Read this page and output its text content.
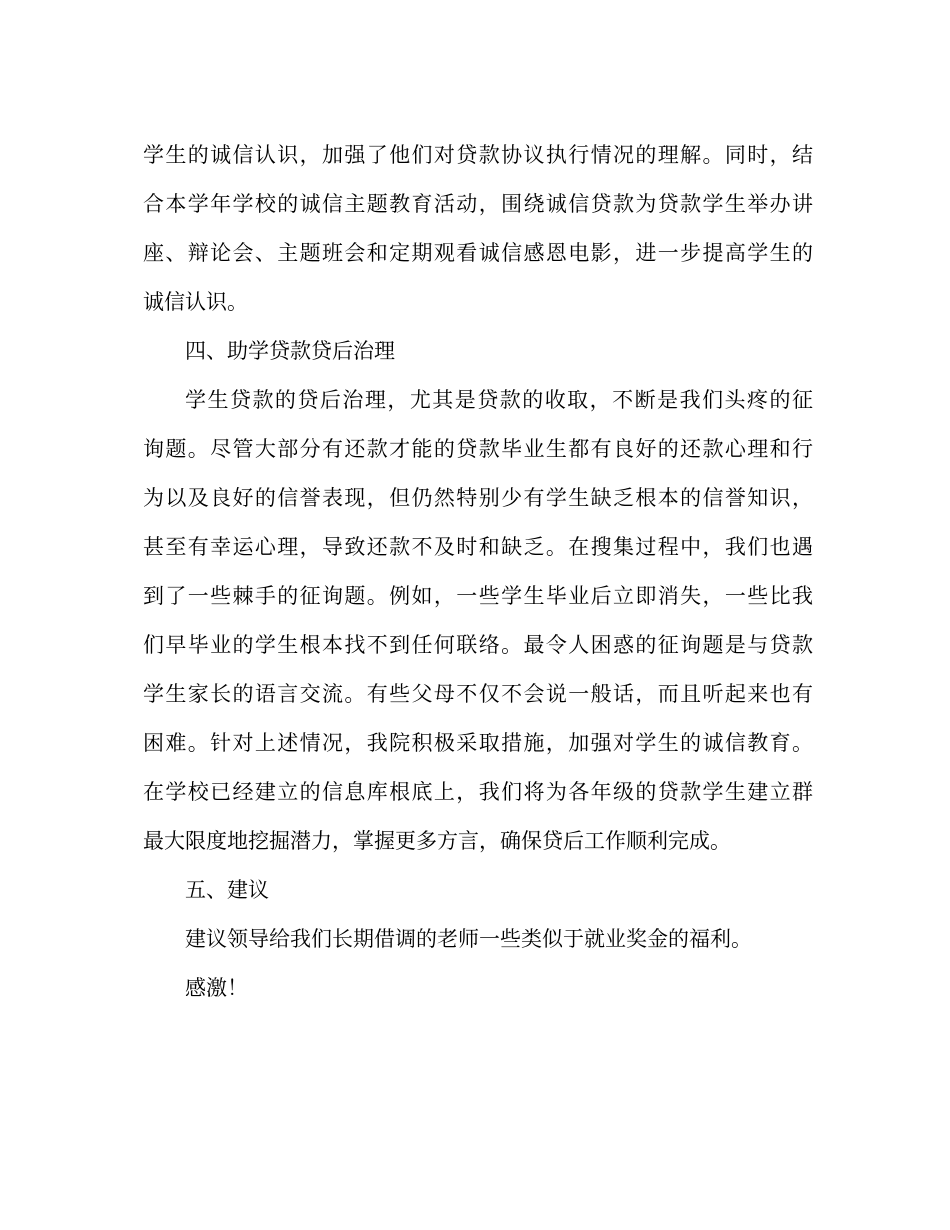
学生的诚信认识，加强了他们对贷款协议执行情况的理解。同时，结
合本学年学校的诚信主题教育活动，围绕诚信贷款为贷款学生举办讲
座、辩论会、主题班会和定期观看诚信感恩电影，进一步提高学生的
诚信认识。
四、助学贷款贷后治理
学生贷款的贷后治理，尤其是贷款的收取，不断是我们头疼的征
询题。尽管大部分有还款才能的贷款毕业生都有良好的还款心理和行
为以及良好的信誉表现，但仍然特别少有学生缺乏根本的信誉知识，
甚至有幸运心理，导致还款不及时和缺乏。在搜集过程中，我们也遇
到了一些棘手的征询题。例如，一些学生毕业后立即消失，一些比我
们早毕业的学生根本找不到任何联络。最令人困惑的征询题是与贷款
学生家长的语言交流。有些父母不仅不会说一般话，而且听起来也有
困难。针对上述情况，我院积极采取措施，加强对学生的诚信教育。
在学校已经建立的信息库根底上，我们将为各年级的贷款学生建立群
最大限度地挖掘潜力，掌握更多方言，确保贷后工作顺利完成。
五、建议
建议领导给我们长期借调的老师一些类似于就业奖金的福利。
感激！
